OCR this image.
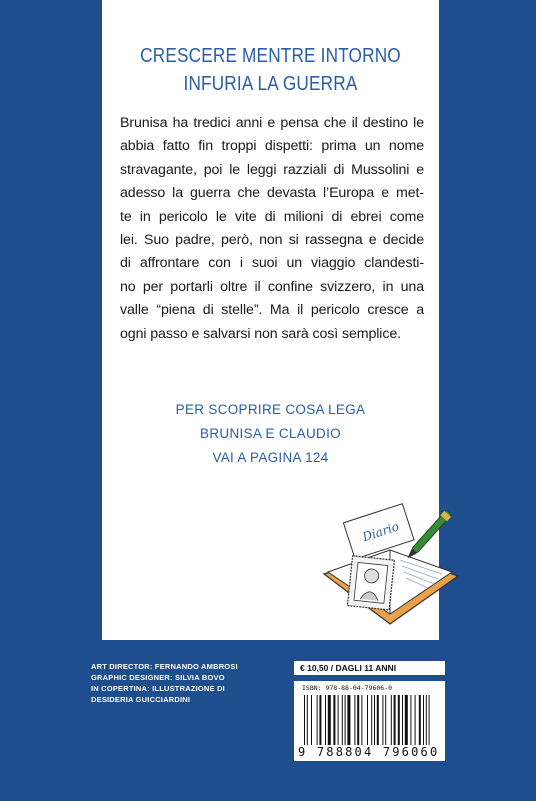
CRESCERE MENTRE INTORNO
INFURIA LA GUERRA
Brunisa ha tredici anni e pensa che il destino le
abbia fatto fin troppi dispetti: prima un nome
stravagante, poi le leggi razziali di Mussolini e
adesso la guerra che devasta l’Europa e met-
te in pericolo le vite di milioni di ebrei come
lei. Suo padre, però, non si rassegna e decide
di affrontare con i suoi un viaggio clandesti-
no per portarli oltre il confine svizzero, in una
valle “piena di stelle”. Ma il pericolo cresce a
ogni passo e salvarsi non sarà così semplice.
PER SCOPRIRE COSA LEGA
BRUNISA E CLAUDIO
VAI A PAGINA 124
Diario
ART DIRECTOR: FERNANDO AMBROSI
GRAPHIC DESIGNER: SILVIA BOVO
IN COPERTINA: ILLUSTRAZIONE DI
DESIDERIA GUICCIARDINI
€ 10,50 / DAGLI 11 ANNI
ISBN: 978-88-04-79606-0
9 788804 796060
